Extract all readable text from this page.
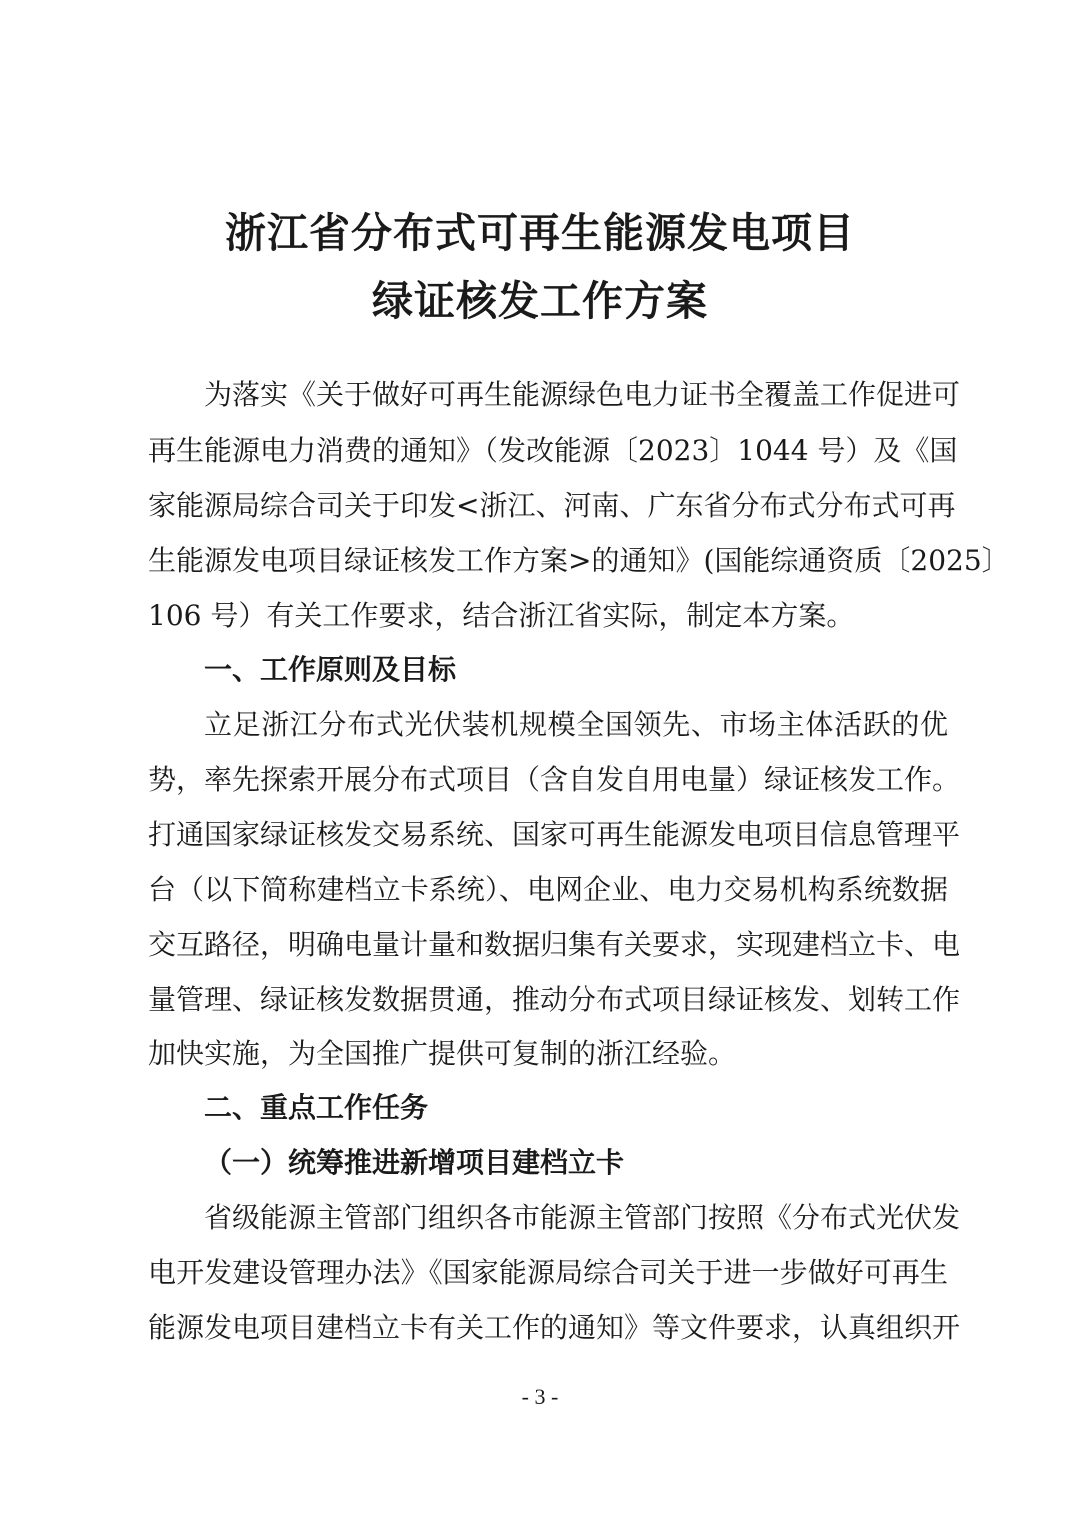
浙江省分布式可再生能源发电项目
绿证核发工作方案
为落实《关于做好可再生能源绿色电力证书全覆盖工作促进可
再生能源电力消费的通知》（发改能源〔2023〕1044 号）及《国
家能源局综合司关于印发<浙江、河南、广东省分布式分布式可再
生能源发电项目绿证核发工作方案>的通知》(国能综通资质〔2025〕
106 号）有关工作要求，结合浙江省实际，制定本方案。
一、工作原则及目标
立足浙江分布式光伏装机规模全国领先、市场主体活跃的优
势，率先探索开展分布式项目（含自发自用电量）绿证核发工作。
打通国家绿证核发交易系统、国家可再生能源发电项目信息管理平
台（以下简称建档立卡系统）、电网企业、电力交易机构系统数据
交互路径，明确电量计量和数据归集有关要求，实现建档立卡、电
量管理、绿证核发数据贯通，推动分布式项目绿证核发、划转工作
加快实施，为全国推广提供可复制的浙江经验。
二、重点工作任务
（一）统筹推进新增项目建档立卡
省级能源主管部门组织各市能源主管部门按照《分布式光伏发
电开发建设管理办法》《国家能源局综合司关于进一步做好可再生
能源发电项目建档立卡有关工作的通知》等文件要求，认真组织开
- 3 -
